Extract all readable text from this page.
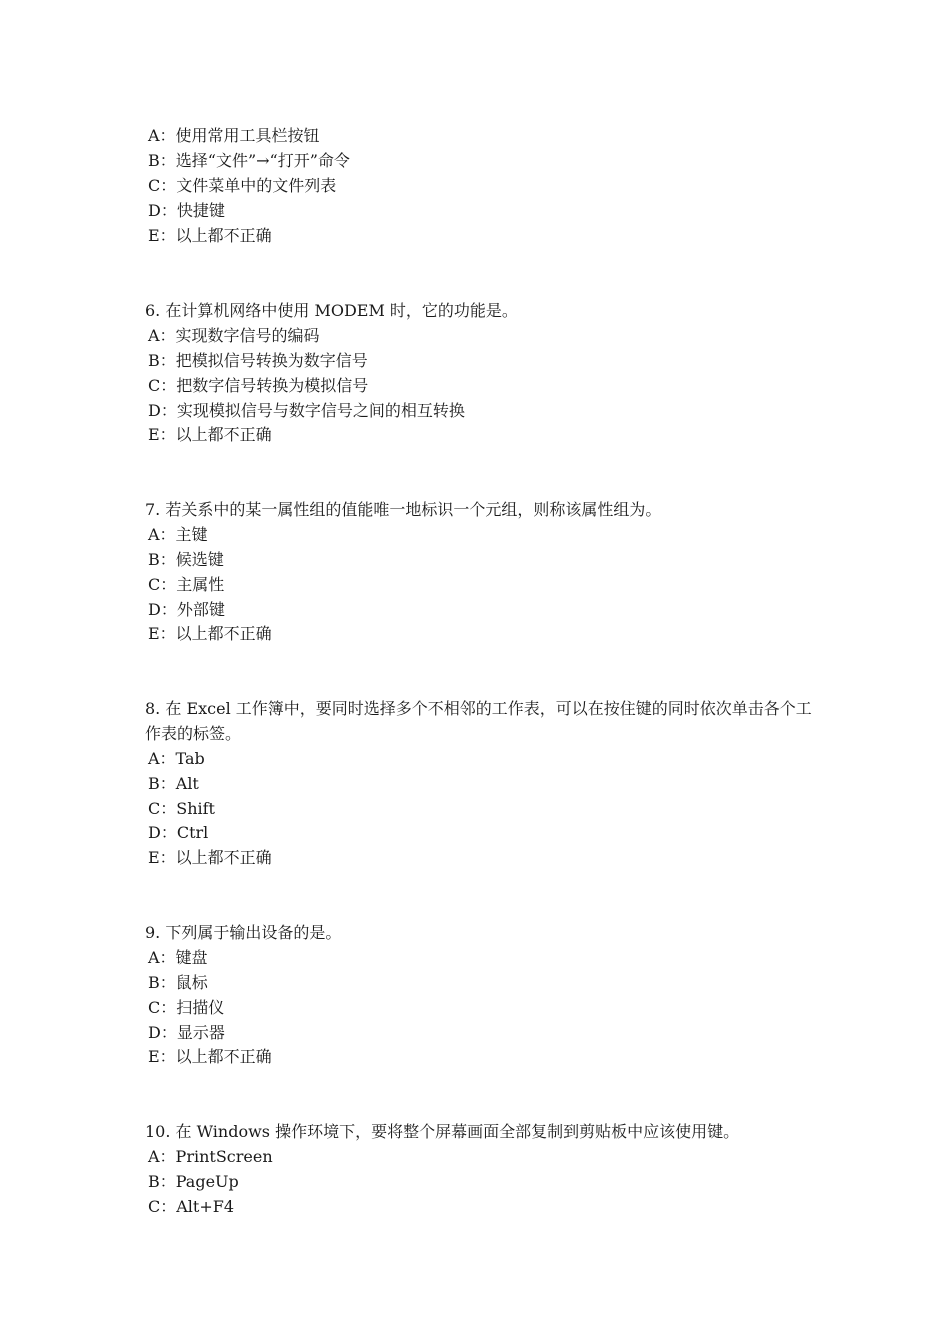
A：使用常用工具栏按钮
B：选择“文件”→“打开”命令
C：文件菜单中的文件列表
D：快捷键
E：以上都不正确
6. 在计算机网络中使用 MODEM 时，它的功能是。
A：实现数字信号的编码
B：把模拟信号转换为数字信号
C：把数字信号转换为模拟信号
D：实现模拟信号与数字信号之间的相互转换
E：以上都不正确
7. 若关系中的某一属性组的值能唯一地标识一个元组，则称该属性组为。
A：主键
B：候选键
C：主属性
D：外部键
E：以上都不正确
8. 在 Excel 工作簿中，要同时选择多个不相邻的工作表，可以在按住键的同时依次单击各个工作表的标签。
A：Tab
B：Alt
C：Shift
D：Ctrl
E：以上都不正确
9. 下列属于输出设备的是。
A：键盘
B：鼠标
C：扫描仪
D：显示器
E：以上都不正确
10. 在 Windows 操作环境下，要将整个屏幕画面全部复制到剪贴板中应该使用键。
A：PrintScreen
B：PageUp
C：Alt+F4
